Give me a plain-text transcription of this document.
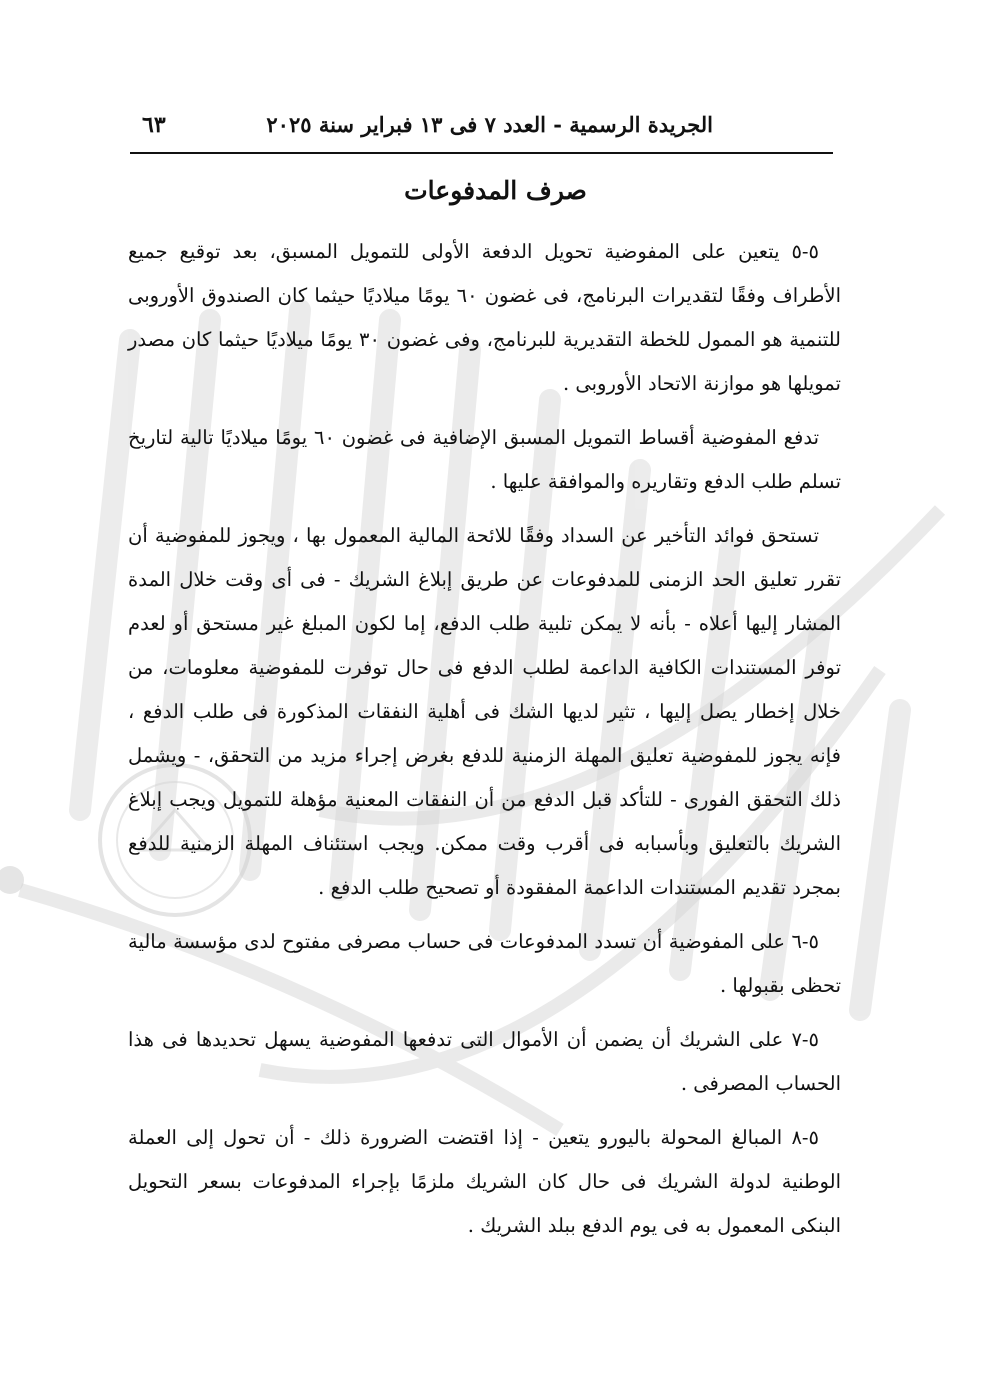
الجريدة الرسمية - العدد ٧ فى ١٣ فبراير سنة ٢٠٢٥
٦٣
صرف المدفوعات

٥-٥ يتعين على المفوضية تحويل الدفعة الأولى للتمويل المسبق، بعد توقيع جميع الأطراف وفقًا لتقديرات البرنامج، فى غضون ٦٠ يومًا ميلاديًا حيثما كان الصندوق الأوروبى للتنمية هو الممول للخطة التقديرية للبرنامج، وفى غضون ٣٠ يومًا ميلاديًا حيثما كان مصدر تمويلها هو موازنة الاتحاد الأوروبى .

تدفع المفوضية أقساط التمويل المسبق الإضافية فى غضون ٦٠ يومًا ميلاديًا تالية لتاريخ تسلم طلب الدفع وتقاريره والموافقة عليها .

تستحق فوائد التأخير عن السداد وفقًا للائحة المالية المعمول بها ، ويجوز للمفوضية أن تقرر تعليق الحد الزمنى للمدفوعات عن طريق إبلاغ الشريك - فى أى وقت خلال المدة المشار إليها أعلاه - بأنه لا يمكن تلبية طلب الدفع، إما لكون المبلغ غير مستحق أو لعدم توفر المستندات الكافية الداعمة لطلب الدفع فى حال توفرت للمفوضية معلومات، من خلال إخطار يصل إليها ، تثير لديها الشك فى أهلية النفقات المذكورة فى طلب الدفع ، فإنه يجوز للمفوضية تعليق المهلة الزمنية للدفع بغرض إجراء مزيد من التحقق، - ويشمل ذلك التحقق الفورى - للتأكد قبل الدفع من أن النفقات المعنية مؤهلة للتمويل ويجب إبلاغ الشريك بالتعليق وبأسبابه فى أقرب وقت ممكن. ويجب استئناف المهلة الزمنية للدفع بمجرد تقديم المستندات الداعمة المفقودة أو تصحيح طلب الدفع .

٥-٦ على المفوضية أن تسدد المدفوعات فى حساب مصرفى مفتوح لدى مؤسسة مالية تحظى بقبولها .

٥-٧ على الشريك أن يضمن أن الأموال التى تدفعها المفوضية يسهل تحديدها فى هذا الحساب المصرفى .

٥-٨ المبالغ المحولة باليورو يتعين - إذا اقتضت الضرورة ذلك - أن تحول إلى العملة الوطنية لدولة الشريك فى حال كان الشريك ملزمًا بإجراء المدفوعات بسعر التحويل البنكى المعمول به فى يوم الدفع ببلد الشريك .
